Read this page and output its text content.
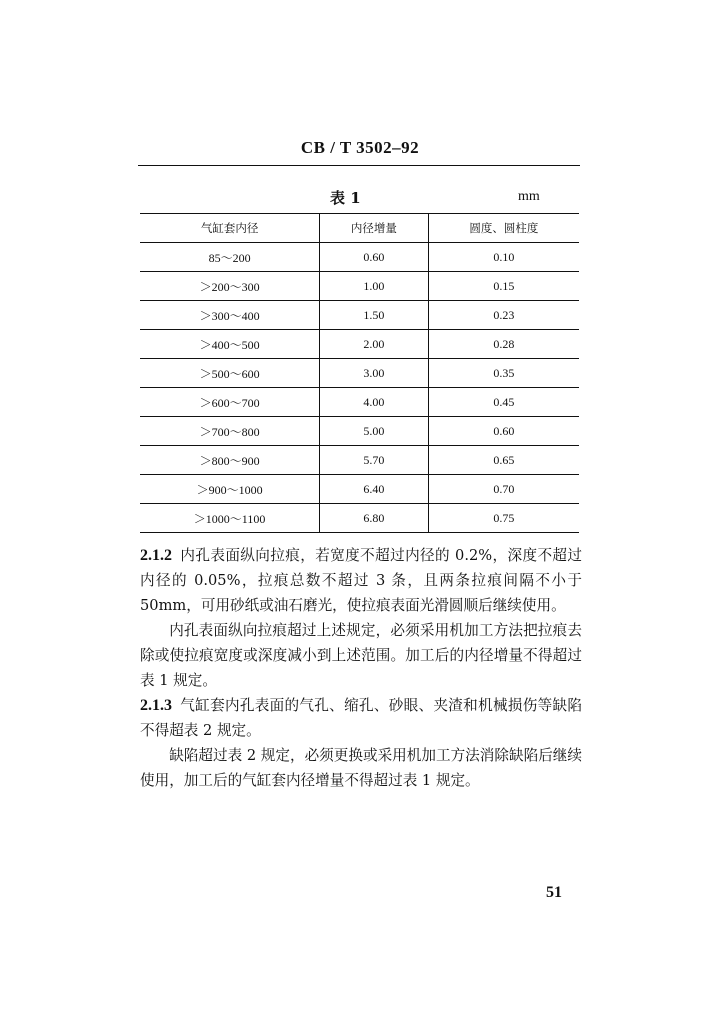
CB / T 3502–92
表 1	mm
气缸套内径	内径增量	圆度、圆柱度
85～200	0.60	0.10
＞200～300	1.00	0.15
＞300～400	1.50	0.23
＞400～500	2.00	0.28
＞500～600	3.00	0.35
＞600～700	4.00	0.45
＞700～800	5.00	0.60
＞800～900	5.70	0.65
＞900～1000	6.40	0.70
＞1000～1100	6.80	0.75

2.1.2 内孔表面纵向拉痕，若宽度不超过内径的 0.2%，深度不超过内径的 0.05%，拉痕总数不超过 3 条，且两条拉痕间隔不小于 50mm，可用砂纸或油石磨光，使拉痕表面光滑圆顺后继续使用。

内孔表面纵向拉痕超过上述规定，必须采用机加工方法把拉痕去除或使拉痕宽度或深度减小到上述范围。加工后的内径增量不得超过表 1 规定。

2.1.3 气缸套内孔表面的气孔、缩孔、砂眼、夹渣和机械损伤等缺陷不得超表 2 规定。

缺陷超过表 2 规定，必须更换或采用机加工方法消除缺陷后继续使用，加工后的气缸套内径增量不得超过表 1 规定。

51
